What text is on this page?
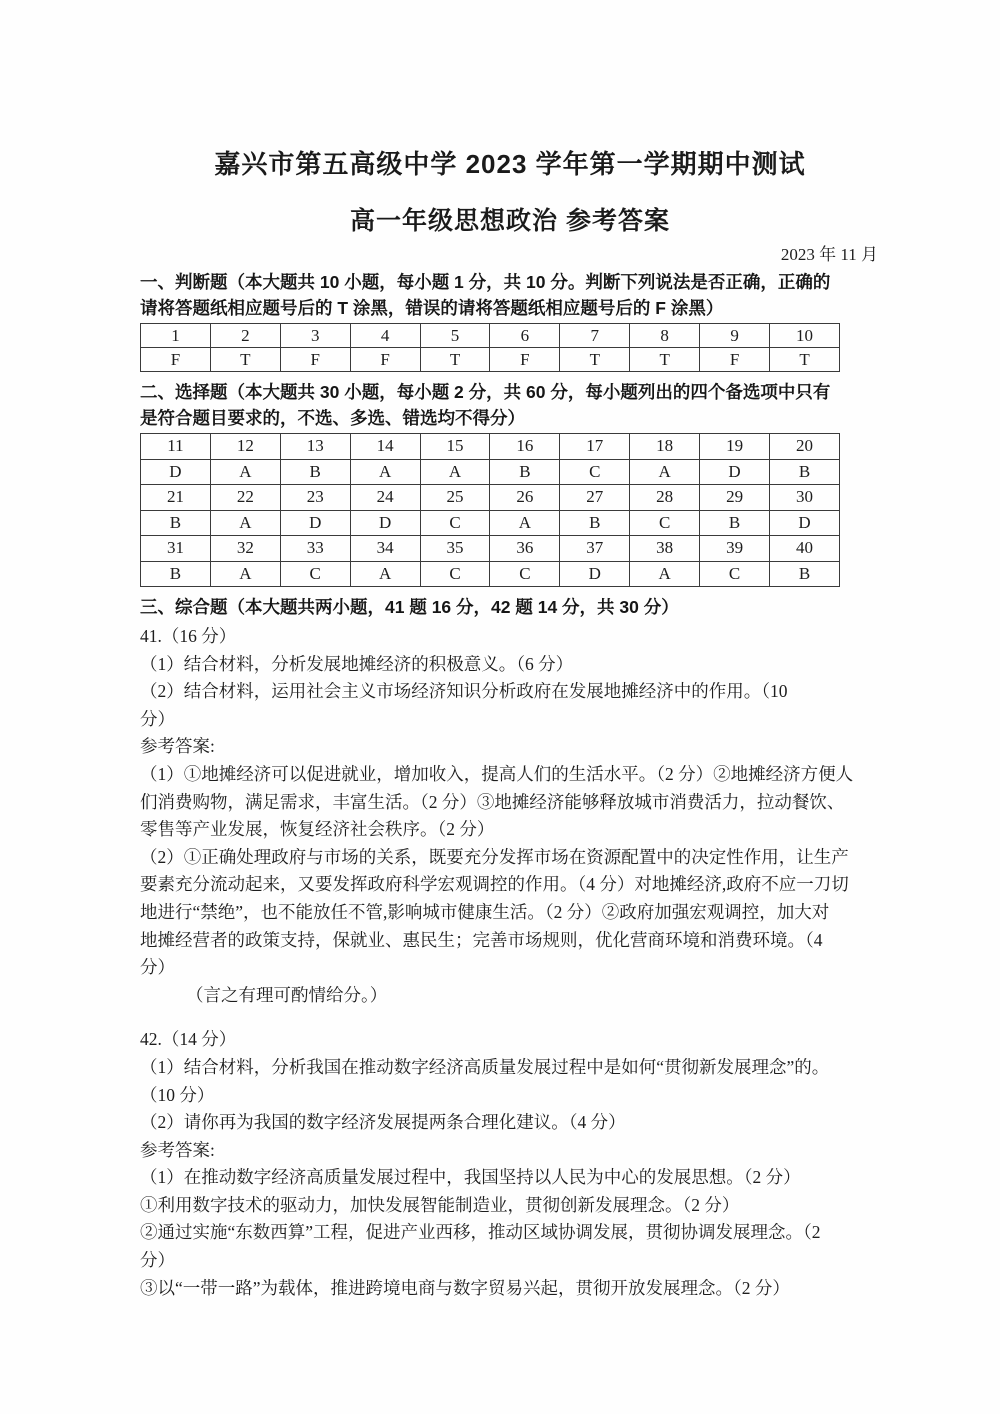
嘉兴市第五高级中学 2023 学年第一学期期中测试
高一年级思想政治 参考答案
2023 年 11 月
一、判断题（本大题共 10 小题，每小题 1 分，共 10 分。判断下列说法是否正确，正确的
请将答题纸相应题号后的 T 涂黑，错误的请将答题纸相应题号后的 F 涂黑）
1	2	3	4	5	6	7	8	9	10
F	T	F	F	T	F	T	T	F	T
二、选择题（本大题共 30 小题，每小题 2 分，共 60 分，每小题列出的四个备选项中只有
是符合题目要求的，不选、多选、错选均不得分）
11	12	13	14	15	16	17	18	19	20
D	A	B	A	A	B	C	A	D	B
21	22	23	24	25	26	27	28	29	30
B	A	D	D	C	A	B	C	B	D
31	32	33	34	35	36	37	38	39	40
B	A	C	A	C	C	D	A	C	B
三、综合题（本大题共两小题，41 题 16 分，42 题 14 分，共 30 分）
41.（16 分）
（1）结合材料，分析发展地摊经济的积极意义。（6 分）
（2）结合材料，运用社会主义市场经济知识分析政府在发展地摊经济中的作用。（10
分）
参考答案:
（1）①地摊经济可以促进就业，增加收入，提高人们的生活水平。（2 分）②地摊经济方便人
们消费购物，满足需求，丰富生活。（2 分）③地摊经济能够释放城市消费活力，拉动餐饮、
零售等产业发展，恢复经济社会秩序。（2 分）
（2）①正确处理政府与市场的关系，既要充分发挥市场在资源配置中的决定性作用，让生产
要素充分流动起来，又要发挥政府科学宏观调控的作用。（4 分）对地摊经济,政府不应一刀切
地进行“禁绝”，也不能放任不管,影响城市健康生活。（2 分）②政府加强宏观调控，加大对
地摊经营者的政策支持，保就业、惠民生；完善市场规则，优化营商环境和消费环境。（4
分）
（言之有理可酌情给分。）
42.（14 分）
（1）结合材料，分析我国在推动数字经济高质量发展过程中是如何“贯彻新发展理念”的。
（10 分）
（2）请你再为我国的数字经济发展提两条合理化建议。（4 分）
参考答案:
（1）在推动数字经济高质量发展过程中，我国坚持以人民为中心的发展思想。（2 分）
①利用数字技术的驱动力，加快发展智能制造业，贯彻创新发展理念。（2 分）
②通过实施“东数西算”工程，促进产业西移，推动区域协调发展，贯彻协调发展理念。（2
分）
③以“一带一路”为载体，推进跨境电商与数字贸易兴起，贯彻开放发展理念。（2 分）
